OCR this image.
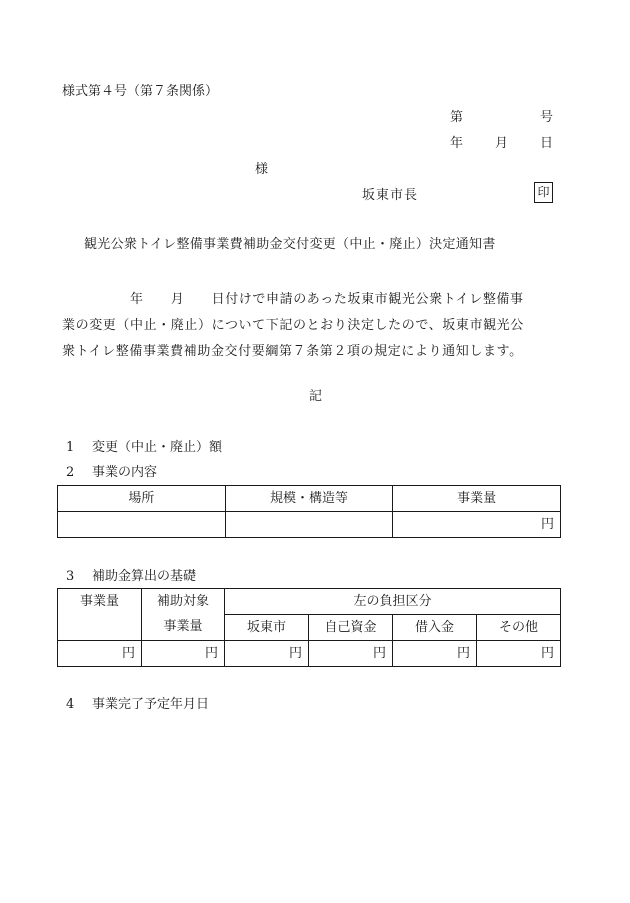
様式第４号（第７条関係）
第	号
年 月 日
様
坂東市長	印
観光公衆トイレ整備事業費補助金交付変更（中止・廃止）決定通知書
　　　　　年　　月　　日付けで申請のあった坂東市観光公衆トイレ整備事
業の変更（中止・廃止）について下記のとおり決定したので、坂東市観光公
衆トイレ整備事業費補助金交付要綱第７条第２項の規定により通知します。
記
1 変更（中止・廃止）額
2 事業の内容
場所	規模・構造等	事業量
		円
3 補助金算出の基礎
事業量	補助対象	左の負担区分			
	事業量	坂東市	自己資金	借入金	その他
円	円	円	円	円	円
4 事業完了予定年月日
